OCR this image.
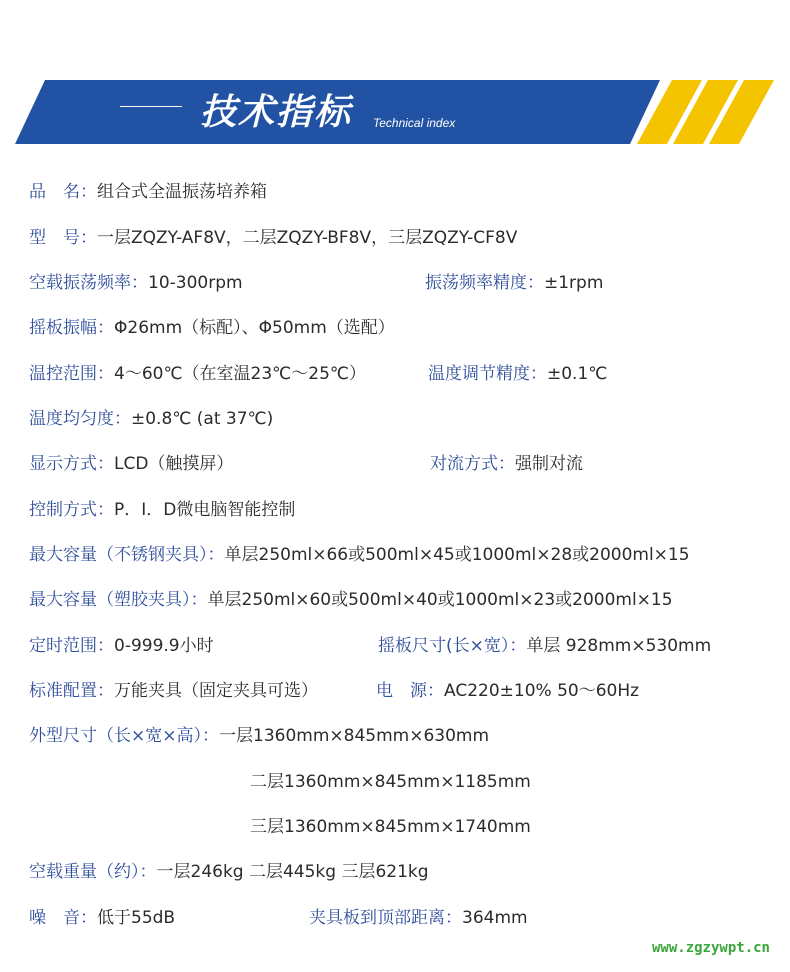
技术指标 Technical index
品　名：组合式全温振荡培养箱
型　号：一层ZQZY-AF8V，二层ZQZY-BF8V，三层ZQZY-CF8V
空载振荡频率：10-300rpm	振荡频率精度：±1rpm
摇板振幅：Φ26mm（标配）、Φ50mm（选配）
温控范围：4～60℃（在室温23℃～25℃）	温度调节精度：±0.1℃
温度均匀度：±0.8℃ (at 37℃)
显示方式：LCD（触摸屏）	对流方式：强制对流
控制方式：P．I．D微电脑智能控制
最大容量（不锈钢夹具）：单层250ml×66或500ml×45或1000ml×28或2000ml×15
最大容量（塑胶夹具）：单层250ml×60或500ml×40或1000ml×23或2000ml×15
定时范围：0-999.9小时	摇板尺寸(长×宽）：单层 928mm×530mm
标准配置：万能夹具（固定夹具可选）	电　源：AC220±10% 50～60Hz
外型尺寸（长×宽×高）：一层1360mm×845mm×630mm
二层1360mm×845mm×1185mm
三层1360mm×845mm×1740mm
空载重量（约）：一层246kg 二层445kg 三层621kg
噪　音：低于55dB	夹具板到顶部距离：364mm
www.zgzywpt.cn
